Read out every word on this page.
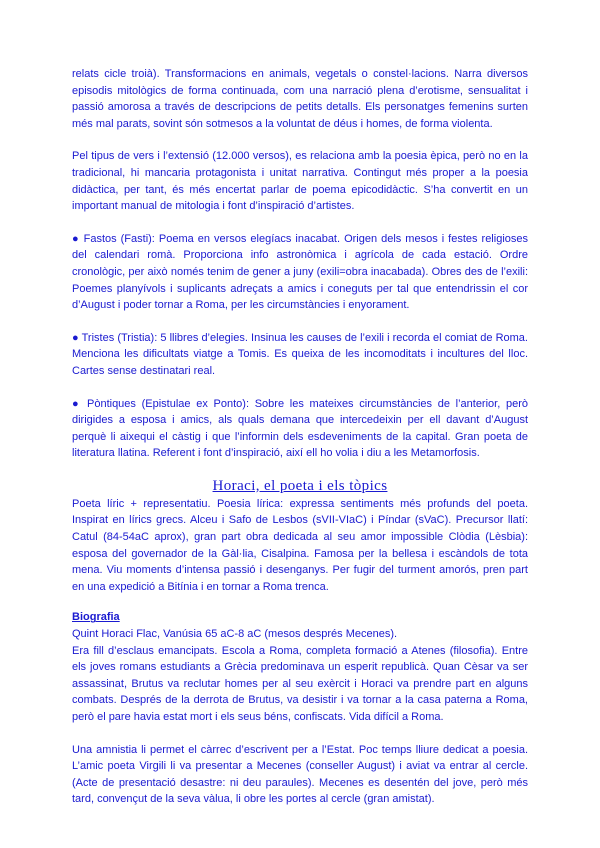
relats cicle troià). Transformacions en animals, vegetals o constel·lacions. Narra diversos episodis mitològics de forma continuada, com una narració plena d’erotisme, sensualitat i passió amorosa a través de descripcions de petits detalls. Els personatges femenins surten més mal parats, sovint són sotmesos a la voluntat de déus i homes, de forma violenta.

Pel tipus de vers i l’extensió (12.000 versos), es relaciona amb la poesia èpica, però no en la tradicional, hi mancaria protagonista i unitat narrativa. Contingut més proper a la poesia didàctica, per tant, és més encertat parlar de poema epicodidàctic. S’ha convertit en un important manual de mitologia i font d’inspiració d’artistes.

● Fastos (Fasti): Poema en versos elegíacs inacabat. Origen dels mesos i festes religioses del calendari romà. Proporciona info astronòmica i agrícola de cada estació. Ordre cronològic, per això només tenim de gener a juny (exili=obra inacabada). Obres des de l’exili: Poemes planyívols i suplicants adreçats a amics i coneguts per tal que entendrissin el cor d’August i poder tornar a Roma, per les circumstàncies i enyorament.

● Tristes (Tristia): 5 llibres d’elegies. Insinua les causes de l’exili i recorda el comiat de Roma. Menciona les dificultats viatge a Tomis. Es queixa de les incomoditats i incultures del lloc. Cartes sense destinatari real.

● Pòntiques (Epistulae ex Ponto): Sobre les mateixes circumstàncies de l’anterior, però dirigides a esposa i amics, als quals demana que intercedeixin per ell davant d’August perquè li aixequi el càstig i que l’informin dels esdeveniments de la capital. Gran poeta de literatura llatina. Referent i font d’inspiració, així ell ho volia i diu a les Metamorfosis.

Horaci, el poeta i els tòpics

Poeta líric + representatiu. Poesia lírica: expressa sentiments més profunds del poeta. Inspirat en lírics grecs. Alceu i Safo de Lesbos (sVII-VIaC) i Píndar (sVaC). Precursor llatí: Catul (84-54aC aprox), gran part obra dedicada al seu amor impossible Clòdia (Lèsbia): esposa del governador de la Gàl·lia, Cisalpina. Famosa per la bellesa i escàndols de tota mena. Viu moments d’intensa passió i desenganys. Per fugir del turment amorós, pren part en una expedició a Bitínia i en tornar a Roma trenca.

Biografia

Quint Horaci Flac, Vanúsia 65 aC-8 aC (mesos després Mecenes).

Era fill d’esclaus emancipats. Escola a Roma, completa formació a Atenes (filosofia). Entre els joves romans estudiants a Grècia predominava un esperit republicà. Quan Cèsar va ser assassinat, Brutus va reclutar homes per al seu exèrcit i Horaci va prendre part en alguns combats. Després de la derrota de Brutus, va desistir i va tornar a la casa paterna a Roma, però el pare havia estat mort i els seus béns, confiscats. Vida difícil a Roma.

Una amnistia li permet el càrrec d’escrivent per a l’Estat. Poc temps lliure dedicat a poesia. L’amic poeta Virgili li va presentar a Mecenes (conseller August) i aviat va entrar al cercle. (Acte de presentació desastre: ni deu paraules). Mecenes es desentén del jove, però més tard, convençut de la seva vàlua, li obre les portes al cercle (gran amistat).
